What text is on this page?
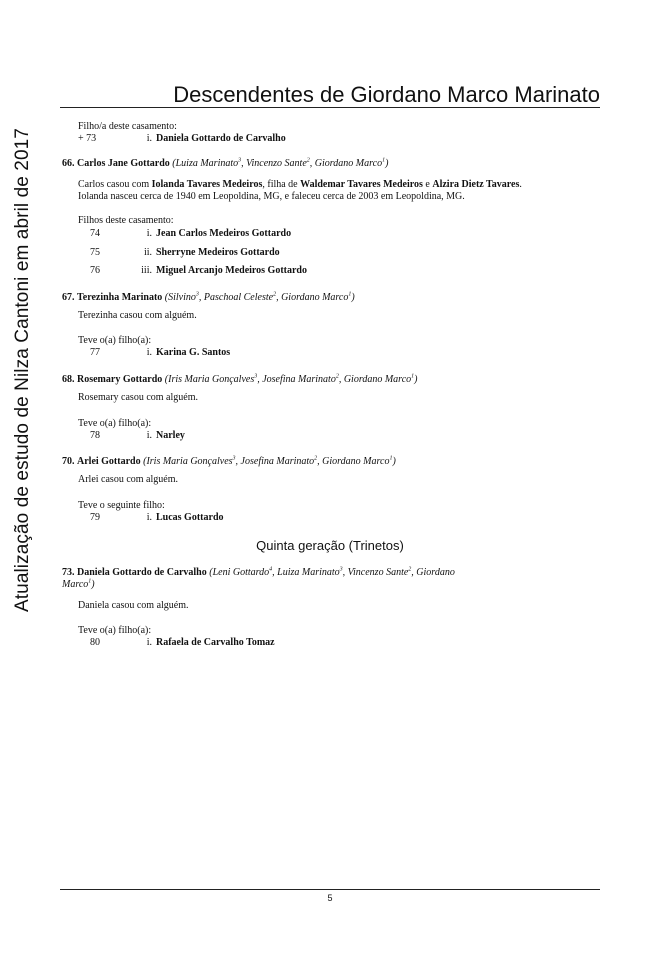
Atualização de estudo de Nilza Cantoni em abril de 2017
Descendentes de Giordano Marco Marinato
Filho/a deste casamento:
+ 73	i. Daniela Gottardo de Carvalho
66. Carlos Jane Gottardo (Luiza Marinato$^3$, Vincenzo Sante$^2$, Giordano Marco$^1$)
Carlos casou com Iolanda Tavares Medeiros, filha de Waldemar Tavares Medeiros e Alzira Dietz Tavares.
Iolanda nasceu cerca de 1940 em Leopoldina, MG, e faleceu cerca de 2003 em Leopoldina, MG.
Filhos deste casamento:
74	i. Jean Carlos Medeiros Gottardo
75	ii. Sherryne Medeiros Gottardo
76	iii. Miguel Arcanjo Medeiros Gottardo
67. Terezinha Marinato (Silvino$^3$, Paschoal Celeste$^2$, Giordano Marco$^1$)
Terezinha casou com alguém.
Teve o(a) filho(a):
77	i. Karina G. Santos
68. Rosemary Gottardo (Iris Maria Gonçalves$^3$, Josefina Marinato$^2$, Giordano Marco$^1$)
Rosemary casou com alguém.
Teve o(a) filho(a):
78	i. Narley
70. Arlei Gottardo (Iris Maria Gonçalves$^3$, Josefina Marinato$^2$, Giordano Marco$^1$)
Arlei casou com alguém.
Teve o seguinte filho:
79	i. Lucas Gottardo
Quinta geração (Trinetos)
73. Daniela Gottardo de Carvalho (Leni Gottardo$^4$, Luiza Marinato$^3$, Vincenzo Sante$^2$, Giordano
Marco$^1$)
Daniela casou com alguém.
Teve o(a) filho(a):
80	i. Rafaela de Carvalho Tomaz
5
